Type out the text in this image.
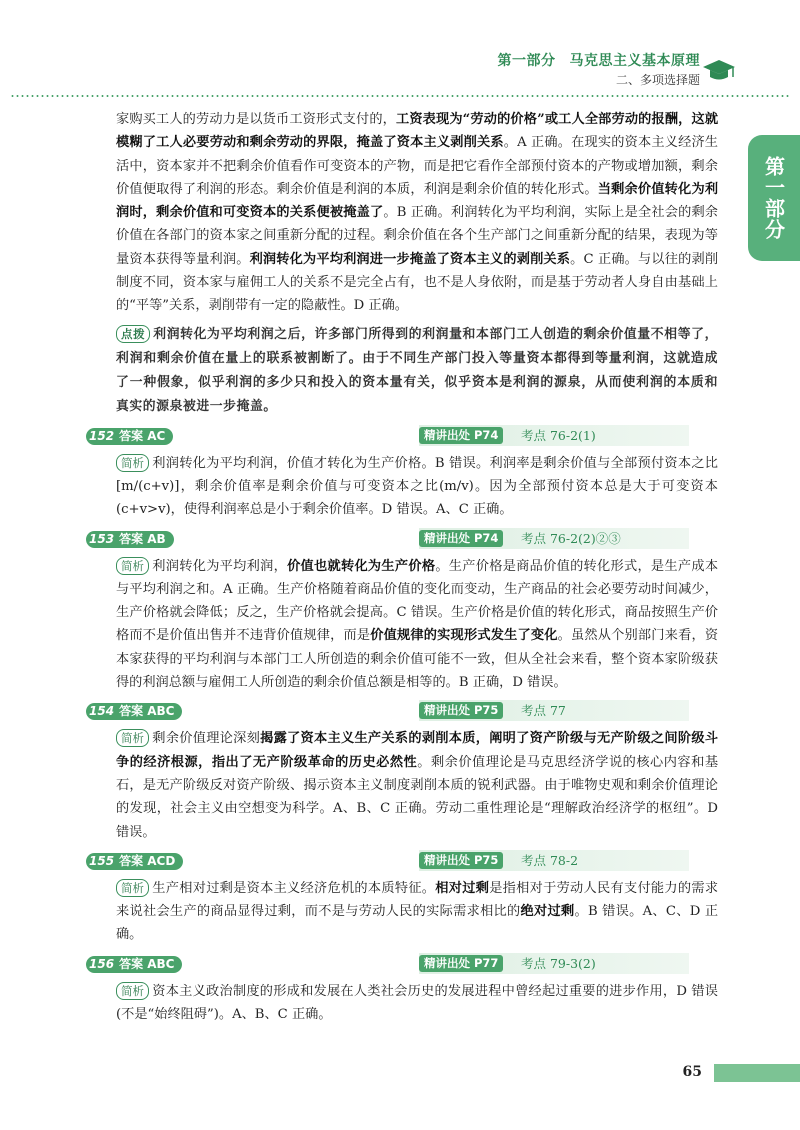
第一部分 马克思主义基本原理
二、多项选择题
第一部分

家购买工人的劳动力是以货币工资形式支付的，工资表现为“劳动的价格”或工人全部劳动的报酬，这就模糊了工人必要劳动和剩余劳动的界限，掩盖了资本主义剥削关系。A 正确。在现实的资本主义经济生活中，资本家并不把剩余价值看作可变资本的产物，而是把它看作全部预付资本的产物或增加额，剩余价值便取得了利润的形态。剩余价值是利润的本质，利润是剩余价值的转化形式。当剩余价值转化为利润时，剩余价值和可变资本的关系便被掩盖了。B 正确。利润转化为平均利润，实际上是全社会的剩余价值在各部门的资本家之间重新分配的过程。剩余价值在各个生产部门之间重新分配的结果，表现为等量资本获得等量利润。利润转化为平均利润进一步掩盖了资本主义的剥削关系。C 正确。与以往的剥削制度不同，资本家与雇佣工人的关系不是完全占有，也不是人身依附，而是基于劳动者人身自由基础上的“平等”关系，剥削带有一定的隐蔽性。D 正确。

点拨 利润转化为平均利润之后，许多部门所得到的利润量和本部门工人创造的剩余价值量不相等了，利润和剩余价值在量上的联系被割断了。由于不同生产部门投入等量资本都得到等量利润，这就造成了一种假象，似乎利润的多少只和投入的资本量有关，似乎资本是利润的源泉，从而使利润的本质和真实的源泉被进一步掩盖。

152 答案 AC	精讲出处 P74	考点 76-2(1)

简析 利润转化为平均利润，价值才转化为生产价格。B 错误。利润率是剩余价值与全部预付资本之比[m/(c+v)]，剩余价值率是剩余价值与可变资本之比(m/v)。因为全部预付资本总是大于可变资本(c+v>v)，使得利润率总是小于剩余价值率。D 错误。A、C 正确。

153 答案 AB	精讲出处 P74	考点 76-2(2)②③

简析 利润转化为平均利润，价值也就转化为生产价格。生产价格是商品价值的转化形式，是生产成本与平均利润之和。A 正确。生产价格随着商品价值的变化而变动，生产商品的社会必要劳动时间减少，生产价格就会降低；反之，生产价格就会提高。C 错误。生产价格是价值的转化形式，商品按照生产价格而不是价值出售并不违背价值规律，而是价值规律的实现形式发生了变化。虽然从个别部门来看，资本家获得的平均利润与本部门工人所创造的剩余价值可能不一致，但从全社会来看，整个资本家阶级获得的利润总额与雇佣工人所创造的剩余价值总额是相等的。B 正确，D 错误。

154 答案 ABC	精讲出处 P75	考点 77

简析 剩余价值理论深刻揭露了资本主义生产关系的剥削本质，阐明了资产阶级与无产阶级之间阶级斗争的经济根源，指出了无产阶级革命的历史必然性。剩余价值理论是马克思经济学说的核心内容和基石，是无产阶级反对资产阶级、揭示资本主义制度剥削本质的锐利武器。由于唯物史观和剩余价值理论的发现，社会主义由空想变为科学。A、B、C 正确。劳动二重性理论是“理解政治经济学的枢纽”。D 错误。

155 答案 ACD	精讲出处 P75	考点 78-2

简析 生产相对过剩是资本主义经济危机的本质特征。相对过剩是指相对于劳动人民有支付能力的需求来说社会生产的商品显得过剩，而不是与劳动人民的实际需求相比的绝对过剩。B 错误。A、C、D 正确。

156 答案 ABC	精讲出处 P77	考点 79-3(2)

简析 资本主义政治制度的形成和发展在人类社会历史的发展进程中曾经起过重要的进步作用，D 错误(不是“始终阻碍”)。A、B、C 正确。

65
